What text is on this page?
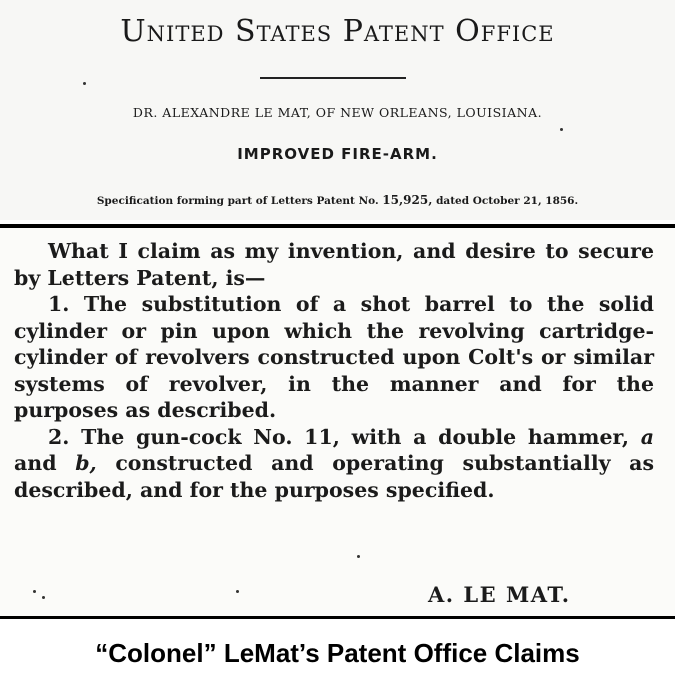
United States Patent Office
DR. ALEXANDRE LE MAT, OF NEW ORLEANS, LOUISIANA.
IMPROVED FIRE-ARM.
Specification forming part of Letters Patent No. 15,925, dated October 21, 1856.

What I claim as my invention, and desire to secure by Letters Patent, is—

1. The substitution of a shot barrel to the solid cylinder or pin upon which the revolving cartridge-cylinder of revolvers constructed upon Colt's or similar systems of revolver, in the manner and for the purposes as described.

2. The gun-cock No. 11, with a double hammer, a and b, constructed and operating substantially as described, and for the purposes specified.

A. LE MAT.
“Colonel” LeMat’s Patent Office Claims
